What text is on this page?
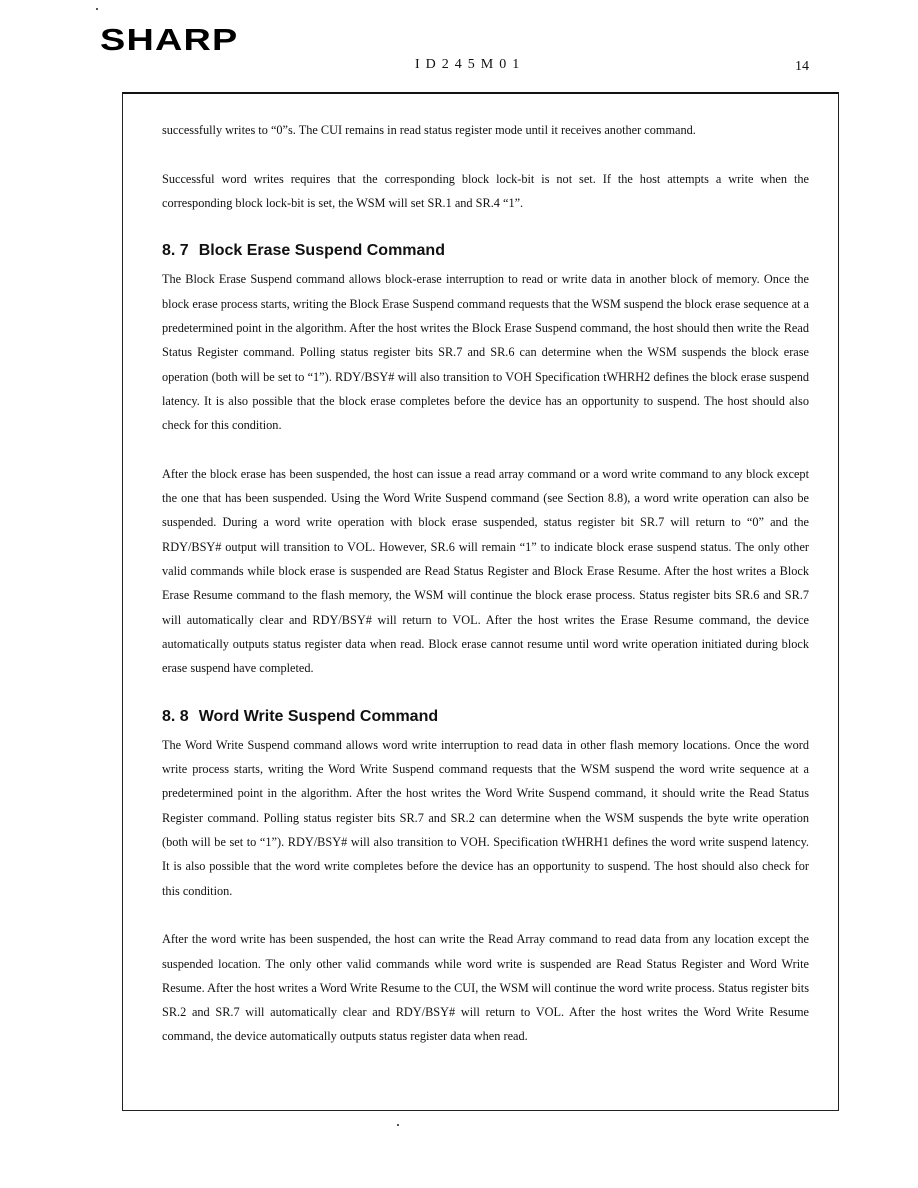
SHARP
ID245M01	14

successfully writes to “0”s. The CUI remains in read status register mode until it receives another command.

Successful word writes requires that the corresponding block lock-bit is not set. If the host attempts a write when the corresponding block lock-bit is set, the WSM will set SR.1 and SR.4 “1”.

8. 7 Block Erase Suspend Command

The Block Erase Suspend command allows block-erase interruption to read or write data in another block of memory. Once the block erase process starts, writing the Block Erase Suspend command requests that the WSM suspend the block erase sequence at a predetermined point in the algorithm. After the host writes the Block Erase Suspend command, the host should then write the Read Status Register command. Polling status register bits SR.7 and SR.6 can determine when the WSM suspends the block erase operation (both will be set to “1”). RDY/BSY# will also transition to VOH Specification tWHRH2 defines the block erase suspend latency. It is also possible that the block erase completes before the device has an opportunity to suspend. The host should also check for this condition.

After the block erase has been suspended, the host can issue a read array command or a word write command to any block except the one that has been suspended. Using the Word Write Suspend command (see Section 8.8), a word write operation can also be suspended. During a word write operation with block erase suspended, status register bit SR.7 will return to “0” and the RDY/BSY# output will transition to VOL. However, SR.6 will remain “1” to indicate block erase suspend status. The only other valid commands while block erase is suspended are Read Status Register and Block Erase Resume. After the host writes a Block Erase Resume command to the flash memory, the WSM will continue the block erase process. Status register bits SR.6 and SR.7 will automatically clear and RDY/BSY# will return to VOL. After the host writes the Erase Resume command, the device automatically outputs status register data when read. Block erase cannot resume until word write operation initiated during block erase suspend have completed.

8. 8 Word Write Suspend Command

The Word Write Suspend command allows word write interruption to read data in other flash memory locations. Once the word write process starts, writing the Word Write Suspend command requests that the WSM suspend the word write sequence at a predetermined point in the algorithm. After the host writes the Word Write Suspend command, it should write the Read Status Register command. Polling status register bits SR.7 and SR.2 can determine when the WSM suspends the byte write operation (both will be set to “1”). RDY/BSY# will also transition to VOH. Specification tWHRH1 defines the word write suspend latency. It is also possible that the word write completes before the device has an opportunity to suspend. The host should also check for this condition.

After the word write has been suspended, the host can write the Read Array command to read data from any location except the suspended location. The only other valid commands while word write is suspended are Read Status Register and Word Write Resume. After the host writes a Word Write Resume to the CUI, the WSM will continue the word write process. Status register bits SR.2 and SR.7 will automatically clear and RDY/BSY# will return to VOL. After the host writes the Word Write Resume command, the device automatically outputs status register data when read.
